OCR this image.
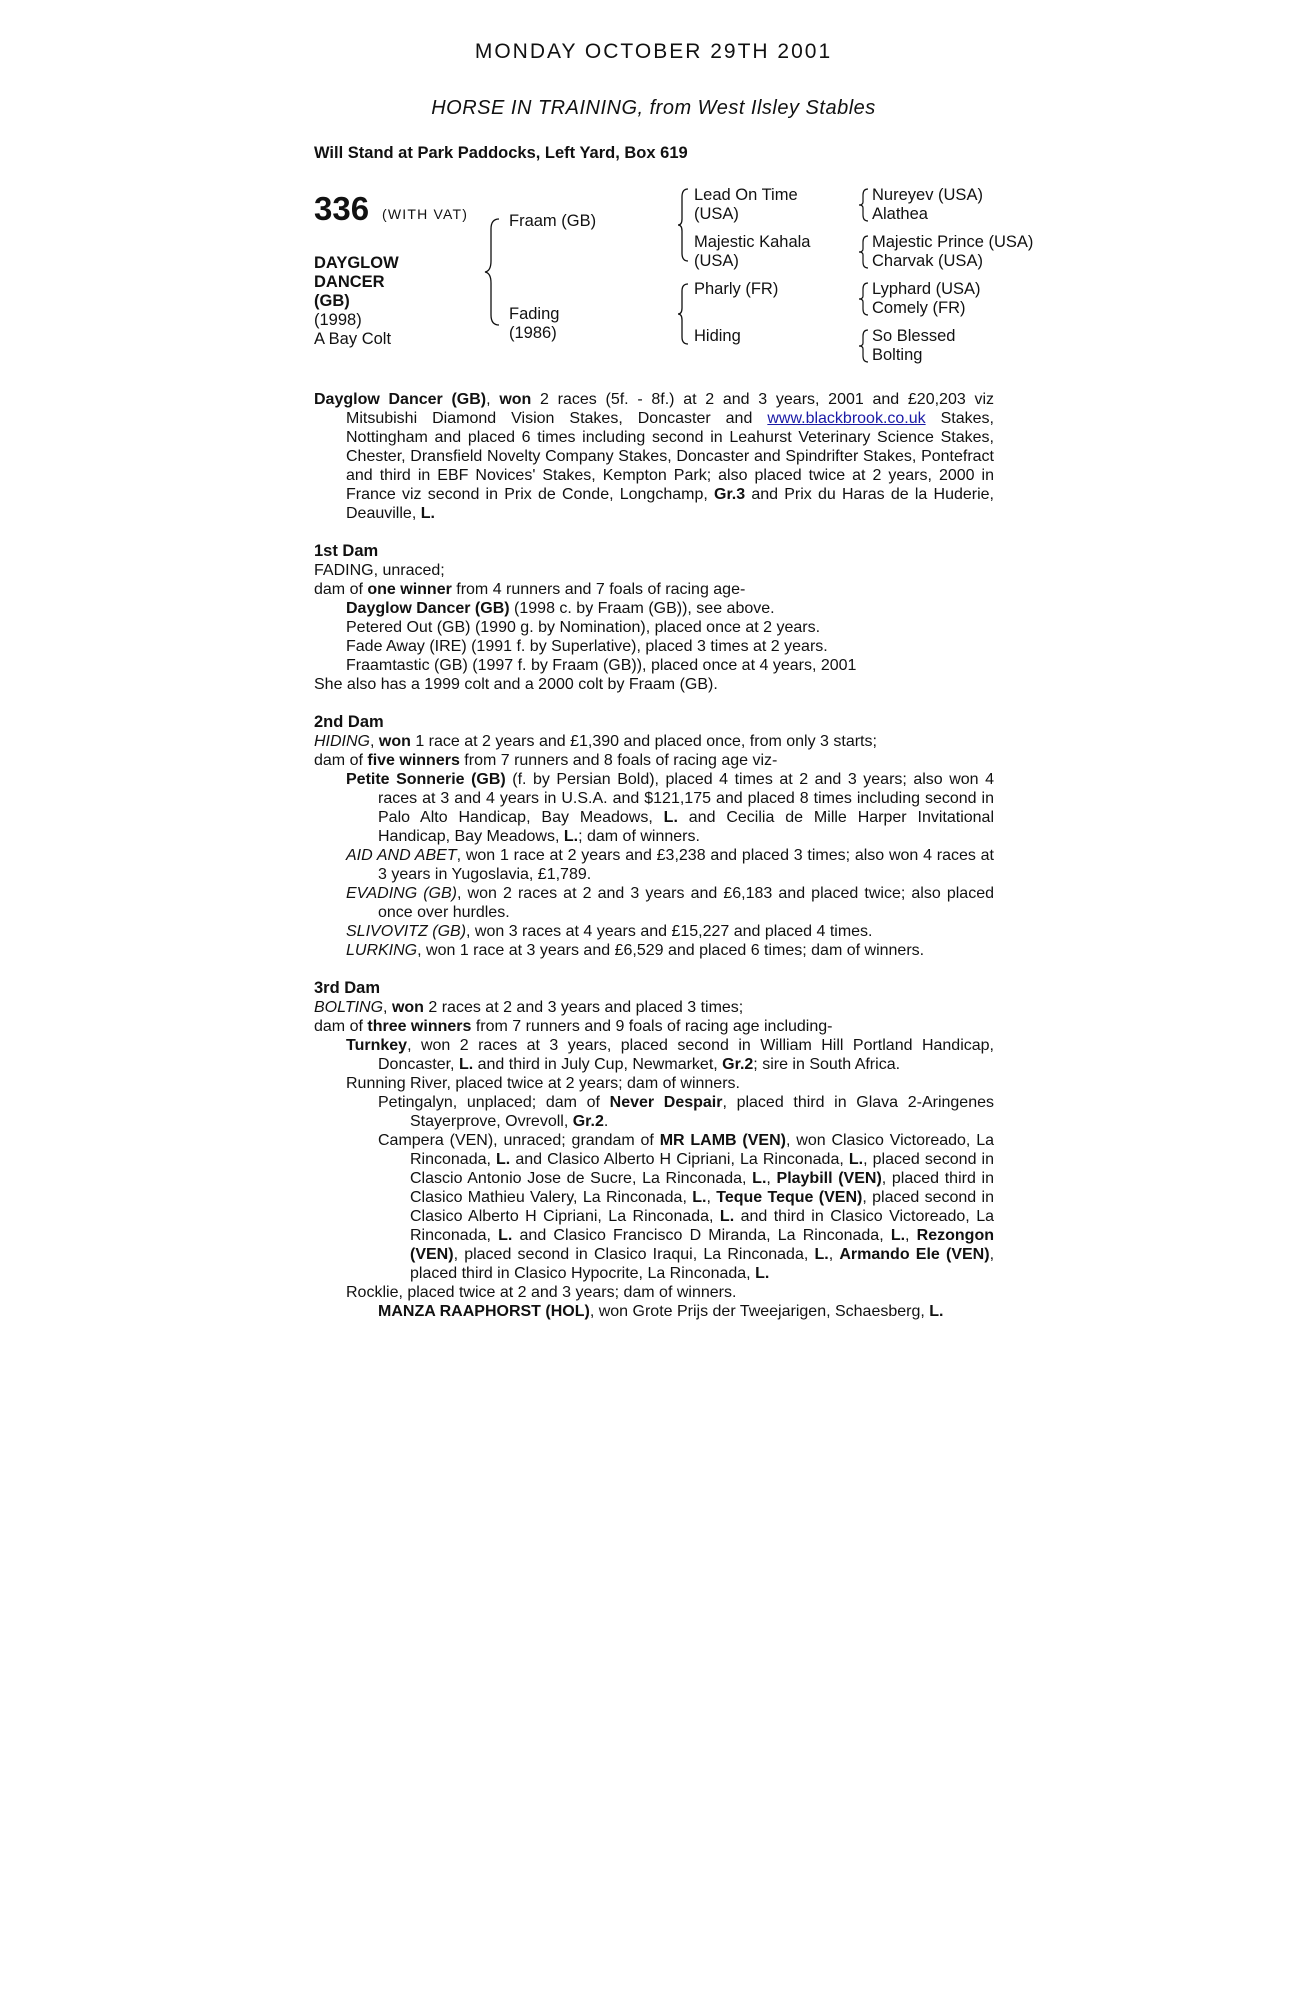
MONDAY OCTOBER 29TH 2001
HORSE IN TRAINING, from West Ilsley Stables
Will Stand at Park Paddocks, Left Yard, Box 619
336 (WITH VAT)
DAYGLOW
DANCER
(GB)
(1998)
A Bay Colt
Fraam (GB)
Fading
(1986)
Lead On Time
(USA)
Majestic Kahala
(USA)
Pharly (FR)
Hiding
Nureyev (USA)
Alathea
Majestic Prince (USA)
Charvak (USA)
Lyphard (USA)
Comely (FR)
So Blessed
Bolting

Dayglow Dancer (GB), won 2 races (5f. - 8f.) at 2 and 3 years, 2001 and £20,203 viz Mitsubishi Diamond Vision Stakes, Doncaster and www.blackbrook.co.uk Stakes, Nottingham and placed 6 times including second in Leahurst Veterinary Science Stakes, Chester, Dransfield Novelty Company Stakes, Doncaster and Spindrifter Stakes, Pontefract and third in EBF Novices' Stakes, Kempton Park; also placed twice at 2 years, 2000 in France viz second in Prix de Conde, Longchamp, Gr.3 and Prix du Haras de la Huderie, Deauville, L.

1st Dam

FADING, unraced;

dam of one winner from 4 runners and 7 foals of racing age-

Dayglow Dancer (GB) (1998 c. by Fraam (GB)), see above.

Petered Out (GB) (1990 g. by Nomination), placed once at 2 years.

Fade Away (IRE) (1991 f. by Superlative), placed 3 times at 2 years.

Fraamtastic (GB) (1997 f. by Fraam (GB)), placed once at 4 years, 2001

She also has a 1999 colt and a 2000 colt by Fraam (GB).

2nd Dam

HIDING, won 1 race at 2 years and £1,390 and placed once, from only 3 starts;

dam of five winners from 7 runners and 8 foals of racing age viz-

Petite Sonnerie (GB) (f. by Persian Bold), placed 4 times at 2 and 3 years; also won 4 races at 3 and 4 years in U.S.A. and $121,175 and placed 8 times including second in Palo Alto Handicap, Bay Meadows, L. and Cecilia de Mille Harper Invitational Handicap, Bay Meadows, L.; dam of winners.

AID AND ABET, won 1 race at 2 years and £3,238 and placed 3 times; also won 4 races at 3 years in Yugoslavia, £1,789.

EVADING (GB), won 2 races at 2 and 3 years and £6,183 and placed twice; also placed once over hurdles.

SLIVOVITZ (GB), won 3 races at 4 years and £15,227 and placed 4 times.

LURKING, won 1 race at 3 years and £6,529 and placed 6 times; dam of winners.

3rd Dam

BOLTING, won 2 races at 2 and 3 years and placed 3 times;

dam of three winners from 7 runners and 9 foals of racing age including-

Turnkey, won 2 races at 3 years, placed second in William Hill Portland Handicap, Doncaster, L. and third in July Cup, Newmarket, Gr.2; sire in South Africa.

Running River, placed twice at 2 years; dam of winners.

Petingalyn, unplaced; dam of Never Despair, placed third in Glava 2-Aringenes Stayerprove, Ovrevoll, Gr.2.

Campera (VEN), unraced; grandam of MR LAMB (VEN), won Clasico Victoreado, La Rinconada, L. and Clasico Alberto H Cipriani, La Rinconada, L., placed second in Clascio Antonio Jose de Sucre, La Rinconada, L., Playbill (VEN), placed third in Clasico Mathieu Valery, La Rinconada, L., Teque Teque (VEN), placed second in Clasico Alberto H Cipriani, La Rinconada, L. and third in Clasico Victoreado, La Rinconada, L. and Clasico Francisco D Miranda, La Rinconada, L., Rezongon (VEN), placed second in Clasico Iraqui, La Rinconada, L., Armando Ele (VEN), placed third in Clasico Hypocrite, La Rinconada, L.

Rocklie, placed twice at 2 and 3 years; dam of winners.

MANZA RAAPHORST (HOL), won Grote Prijs der Tweejarigen, Schaesberg, L.
